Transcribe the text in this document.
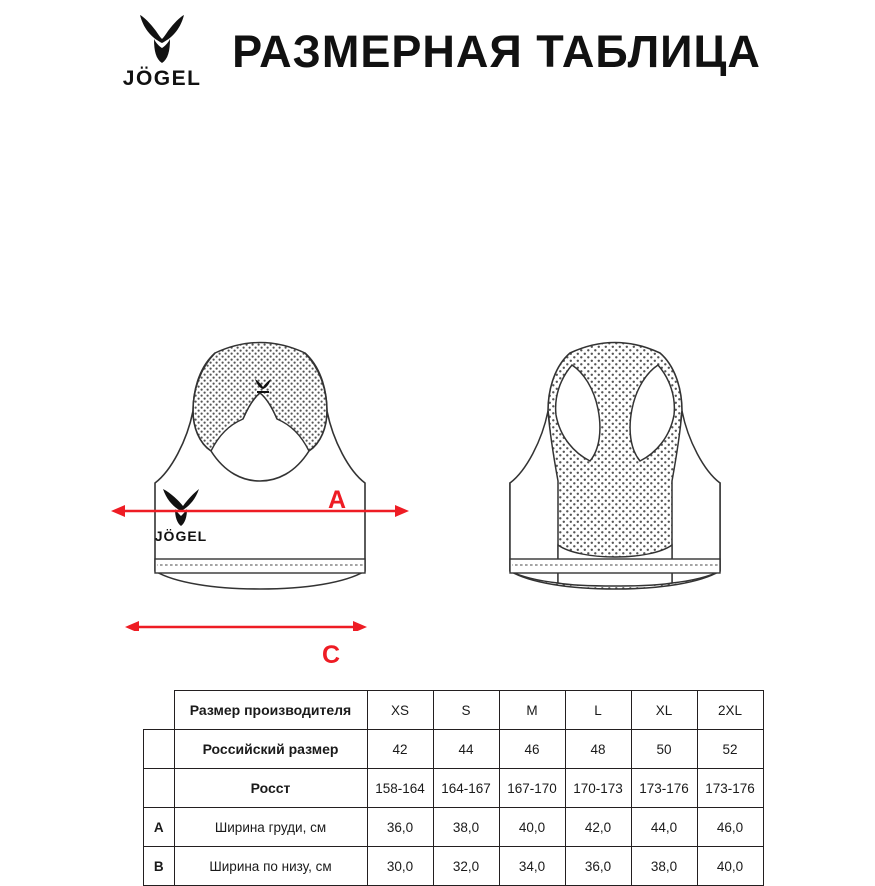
JÖGEL
РАЗМЕРНАЯ ТАБЛИЦА
JÖGEL
A
C
	Размер производителя	XS	S	M	L	XL	2XL
	Российский размер	42	44	46	48	50	52
	Росст	158-164	164-167	167-170	170-173	173-176	173-176
A	Ширина груди, см	36,0	38,0	40,0	42,0	44,0	46,0
B	Ширина по низу, см	30,0	32,0	34,0	36,0	38,0	40,0
